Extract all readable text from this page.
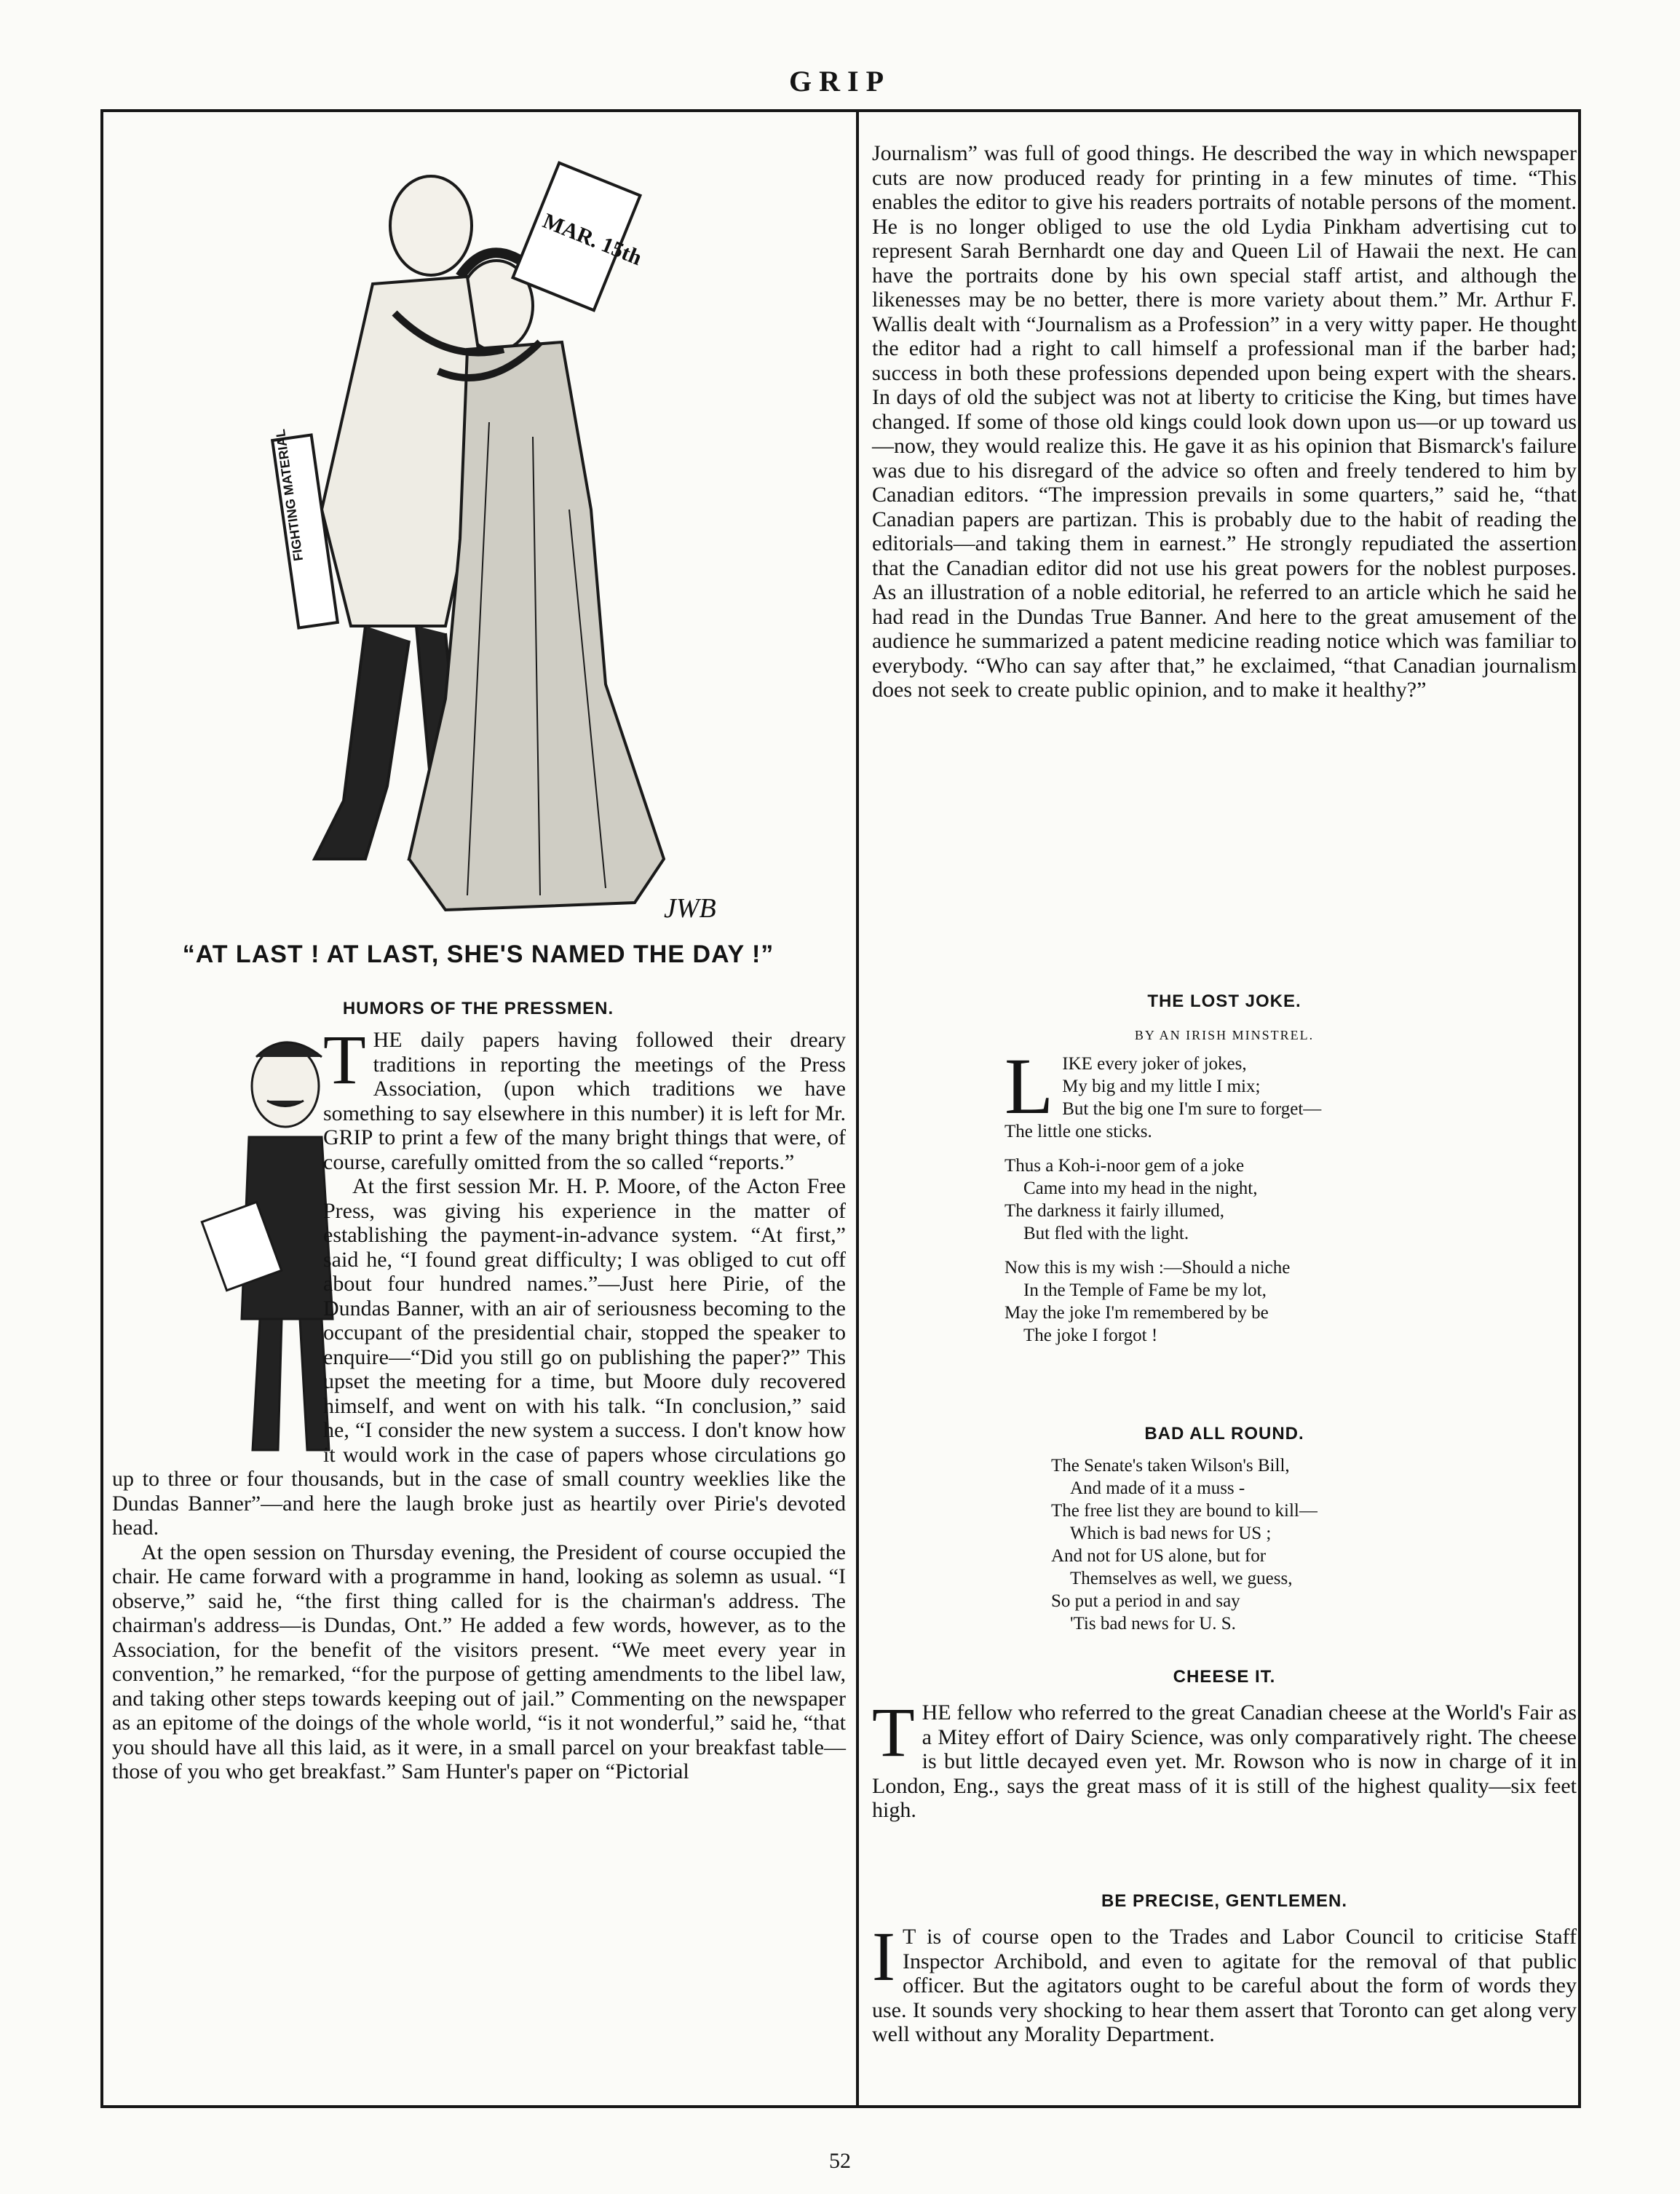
GRIP
MAR. 15th
FIGHTING MATERIAL
JWB
“AT LAST ! AT LAST, SHE'S NAMED THE DAY !”
HUMORS OF THE PRESSMEN.

THE daily papers having followed their dreary traditions in reporting the meetings of the Press Association, (upon which traditions we have something to say elsewhere in this number) it is left for Mr. GRIP to print a few of the many bright things that were, of course, carefully omitted from the so called “reports.”

At the first session Mr. H. P. Moore, of the Acton Free Press, was giving his experience in the matter of establishing the payment-in-advance system. “At first,” said he, “I found great difficulty; I was obliged to cut off about four hundred names.”—Just here Pirie, of the Dundas Banner, with an air of seriousness becoming to the occupant of the presidential chair, stopped the speaker to enquire—“Did you still go on publishing the paper?” This upset the meeting for a time, but Moore duly recovered himself, and went on with his talk. “In conclusion,” said he, “I consider the new system a success. I don't know how it would work in the case of papers whose circulations go up to three or four thousands, but in the case of small country weeklies like the Dundas Banner”—and here the laugh broke just as heartily over Pirie's devoted head.

At the open session on Thursday evening, the President of course occupied the chair. He came forward with a programme in hand, looking as solemn as usual. “I observe,” said he, “the first thing called for is the chairman's address. The chairman's address—is Dundas, Ont.” He added a few words, however, as to the Association, for the benefit of the visitors present. “We meet every year in convention,” he remarked, “for the purpose of getting amendments to the libel law, and taking other steps towards keeping out of jail.” Commenting on the newspaper as an epitome of the doings of the whole world, “is it not wonderful,” said he, “that you should have all this laid, as it were, in a small parcel on your breakfast table—those of you who get breakfast.” Sam Hunter's paper on “Pictorial

Journalism” was full of good things. He described the way in which newspaper cuts are now produced ready for printing in a few minutes of time. “This enables the editor to give his readers portraits of notable persons of the moment. He is no longer obliged to use the old Lydia Pinkham advertising cut to represent Sarah Bernhardt one day and Queen Lil of Hawaii the next. He can have the portraits done by his own special staff artist, and although the likenesses may be no better, there is more variety about them.” Mr. Arthur F. Wallis dealt with “Journalism as a Profession” in a very witty paper. He thought the editor had a right to call himself a professional man if the barber had; success in both these professions depended upon being expert with the shears. In days of old the subject was not at liberty to criticise the King, but times have changed. If some of those old kings could look down upon us—or up toward us—now, they would realize this. He gave it as his opinion that Bismarck's failure was due to his disregard of the advice so often and freely tendered to him by Canadian editors. “The impression prevails in some quarters,” said he, “that Canadian papers are partizan. This is probably due to the habit of reading the editorials—and taking them in earnest.” He strongly repudiated the assertion that the Canadian editor did not use his great powers for the noblest purposes. As an illustration of a noble editorial, he referred to an article which he said he had read in the Dundas True Banner. And here to the great amusement of the audience he summarized a patent medicine reading notice which was familiar to everybody. “Who can say after that,” he exclaimed, “that Canadian journalism does not seek to create public opinion, and to make it healthy?”

THE LOST JOKE.
BY AN IRISH MINSTREL.
L IKE every joker of jokes,
My big and my little I mix;
But the big one I'm sure to forget—
The little one sticks.
Thus a Koh-i-noor gem of a joke
Came into my head in the night,
The darkness it fairly illumed,
But fled with the light.
Now this is my wish :—Should a niche
In the Temple of Fame be my lot,
May the joke I'm remembered by be
The joke I forgot !
BAD ALL ROUND.
The Senate's taken Wilson's Bill,
And made of it a muss -
The free list they are bound to kill—
Which is bad news for US ;
And not for US alone, but for
Themselves as well, we guess,
So put a period in and say
'Tis bad news for U. S.
CHEESE IT.

THE fellow who referred to the great Canadian cheese at the World's Fair as a Mitey effort of Dairy Science, was only comparatively right. The cheese is but little decayed even yet. Mr. Rowson who is now in charge of it in London, Eng., says the great mass of it is still of the highest quality—six feet high.

BE PRECISE, GENTLEMEN.

I T is of course open to the Trades and Labor Council to criticise Staff Inspector Archibold, and even to agitate for the removal of that public officer. But the agitators ought to be careful about the form of words they use. It sounds very shocking to hear them assert that Toronto can get along very well without any Morality Department.

52
